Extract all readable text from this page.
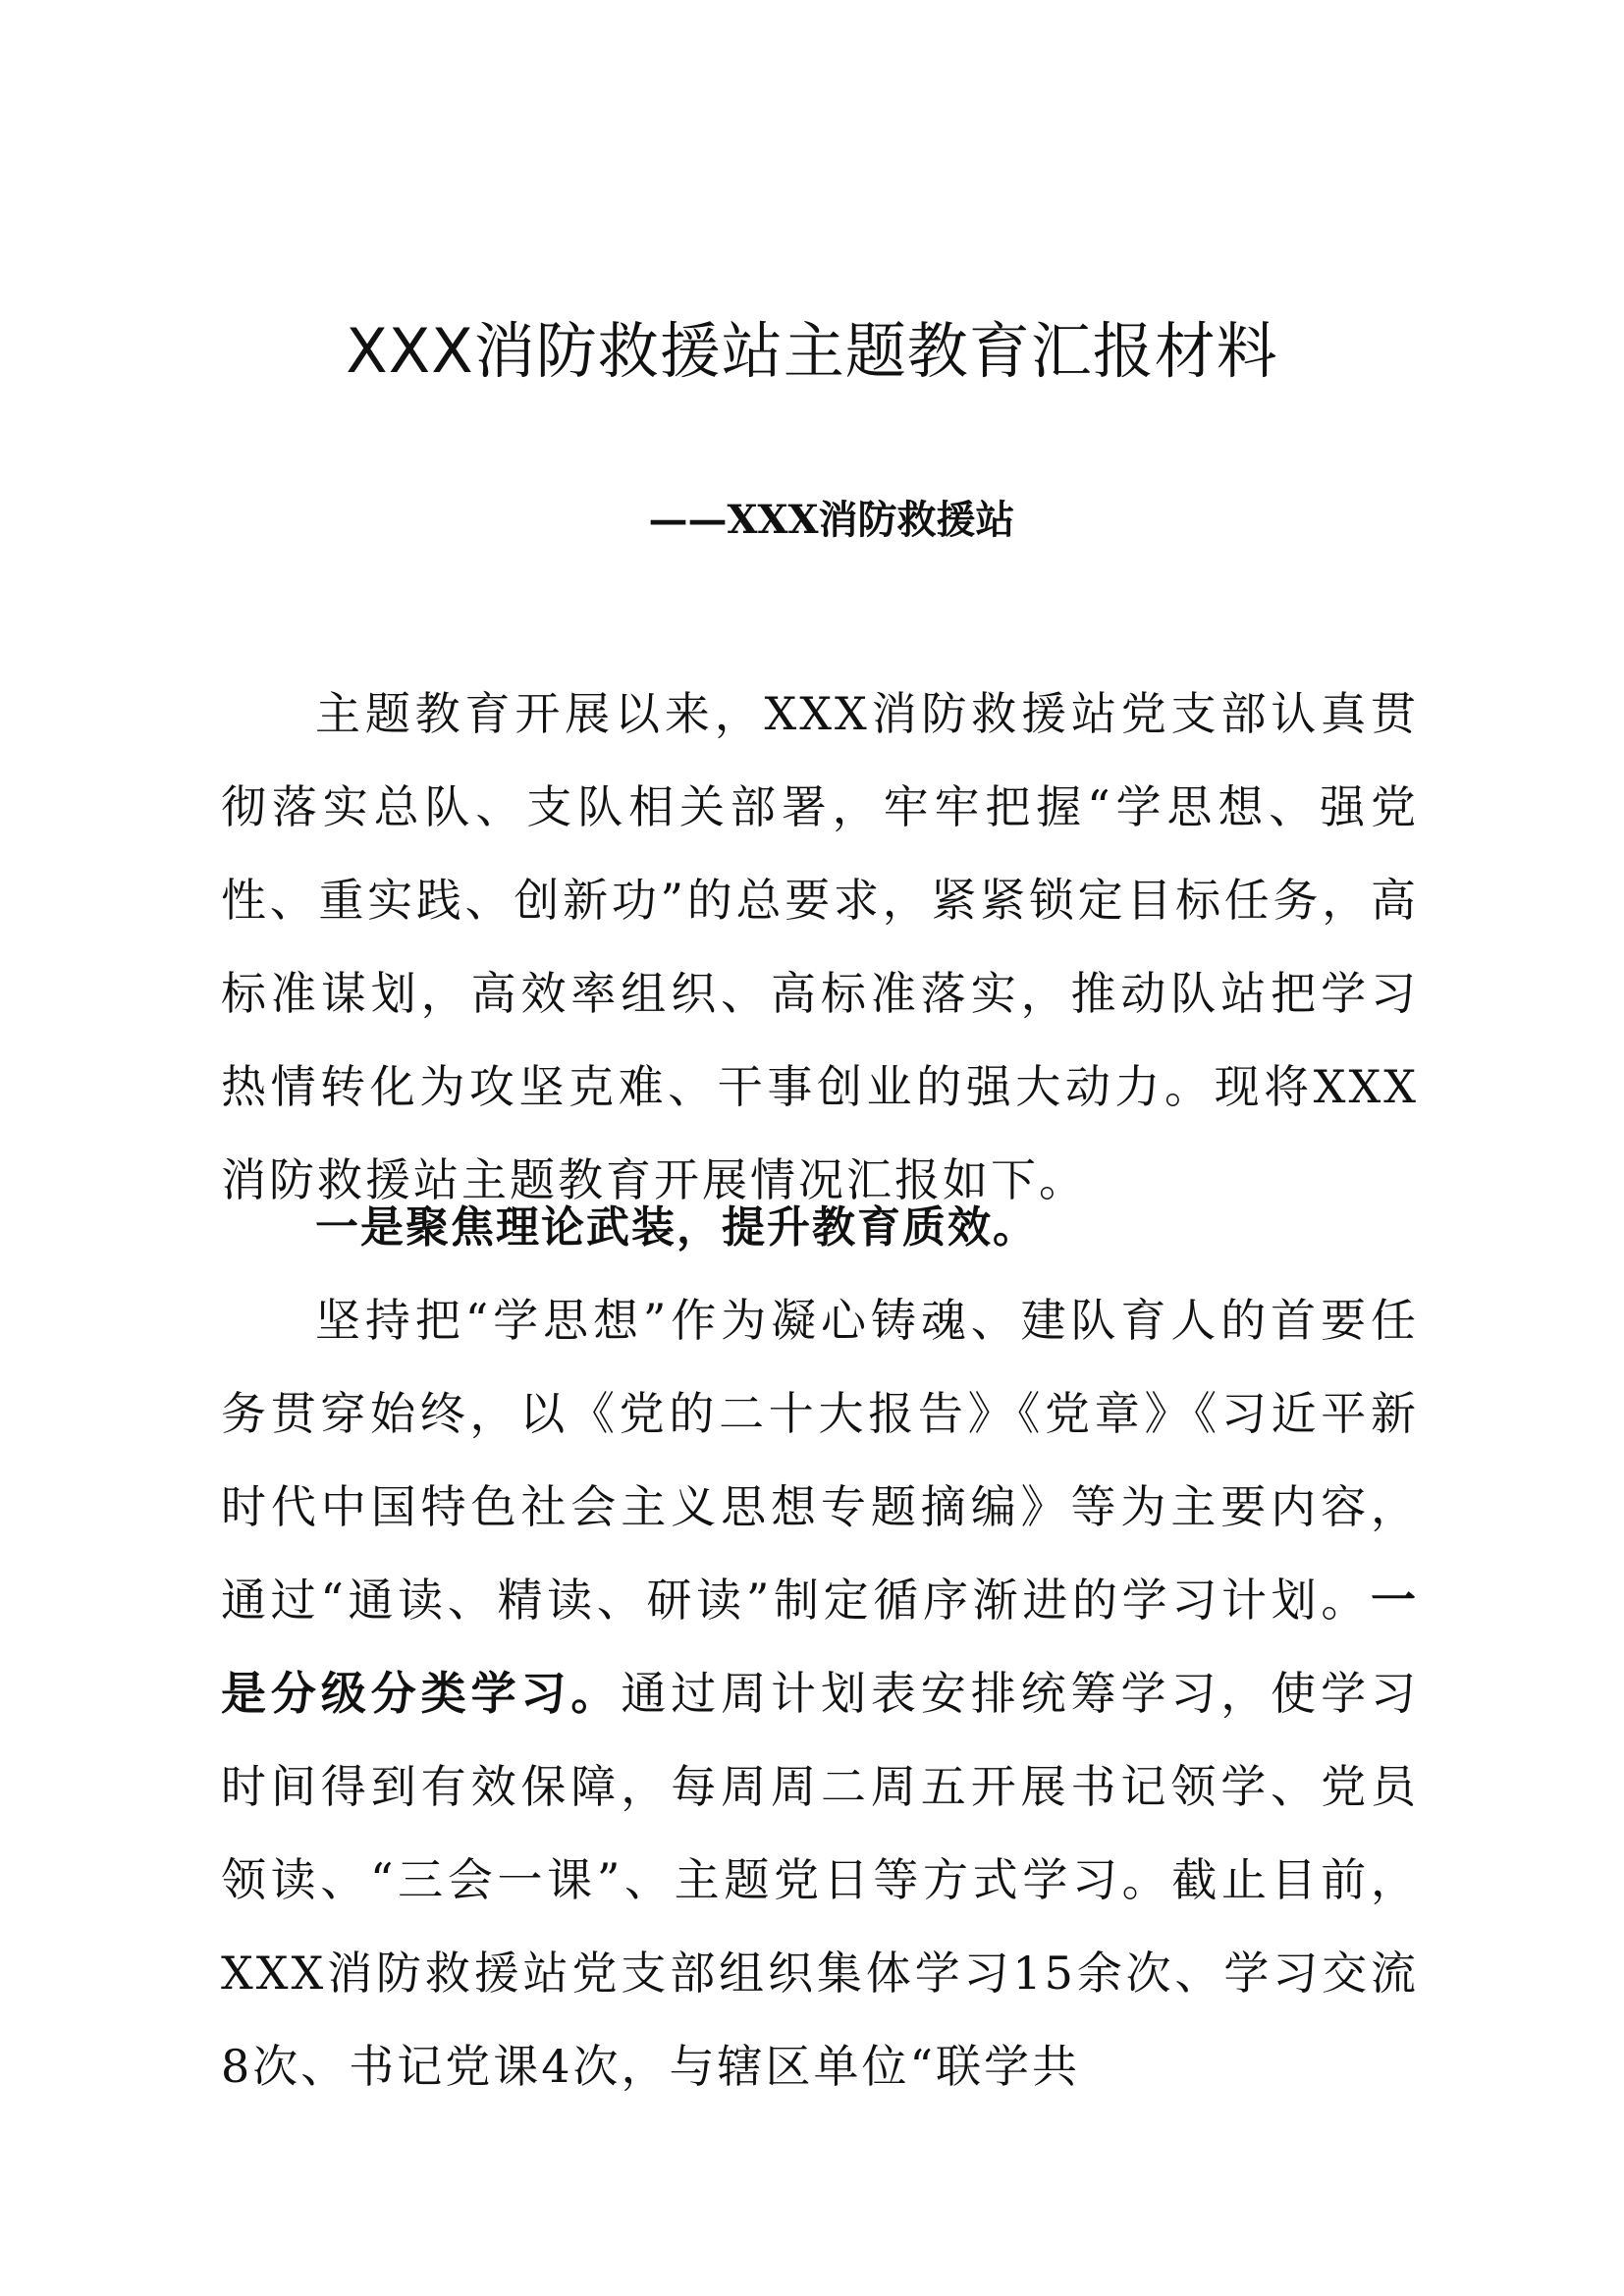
XXX消防救援站主题教育汇报材料
——XXX消防救援站

主题教育开展以来，XXX消防救援站党支部认真贯彻落实总队、支队相关部署，牢牢把握“学思想、强党性、重实践、创新功”的总要求，紧紧锁定目标任务，高标准谋划，高效率组织、高标准落实，推动队站把学习热情转化为攻坚克难、干事创业的强大动力。现将XXX消防救援站主题教育开展情况汇报如下。

一是聚焦理论武装，提升教育质效。

坚持把“学思想”作为凝心铸魂、建队育人的首要任务贯穿始终，以《党的二十大报告》《党章》《习近平新时代中国特色社会主义思想专题摘编》等为主要内容，通过“通读、精读、研读”制定循序渐进的学习计划。一是分级分类学习。通过周计划表安排统筹学习，使学习时间得到有效保障，每周周二周五开展书记领学、党员领读、“三会一课”、主题党日等方式学习。截止目前，XXX消防救援站党支部组织集体学习15余次、学习交流8次、书记党课4次，与辖区单位“联学共
